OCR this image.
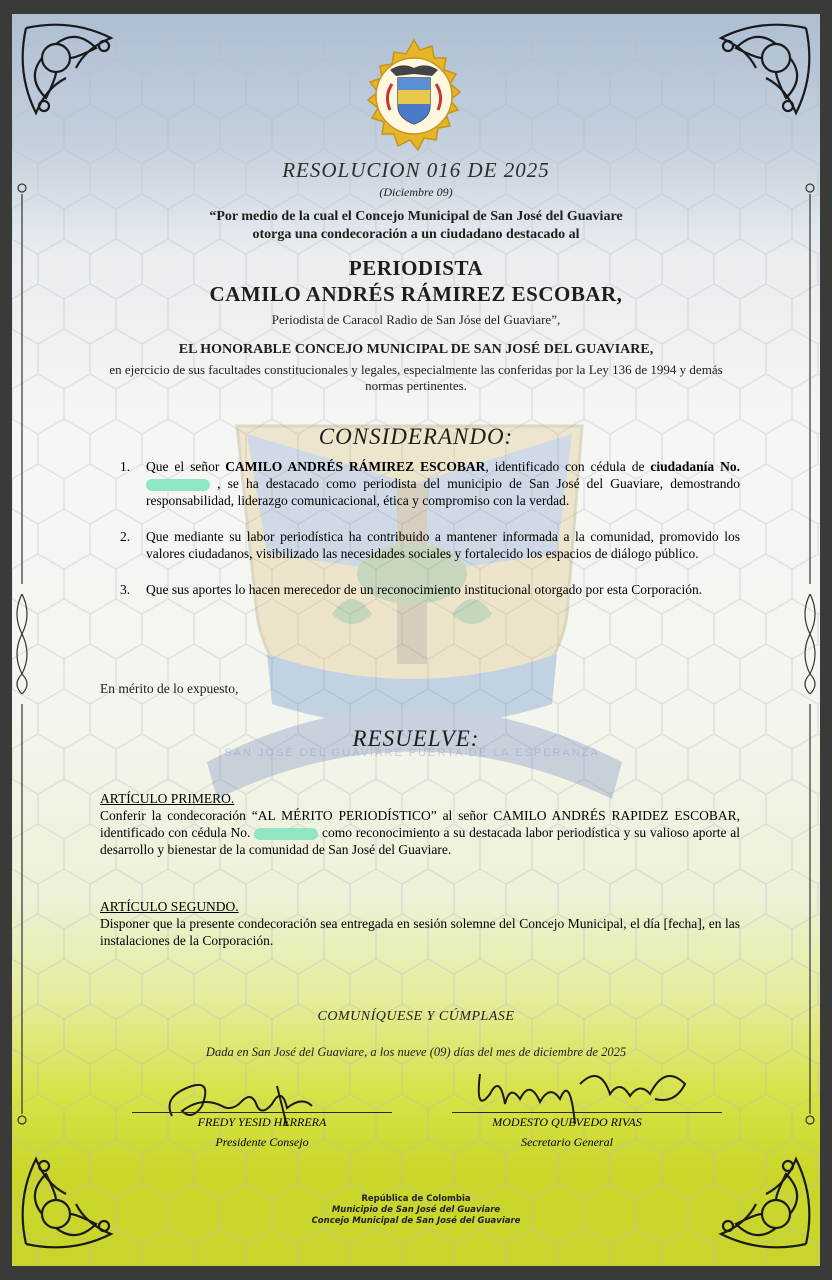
SAN JOSÉ DEL GUAVIARE PUERTA DE LA ESPERANZA
RESOLUCION 016 DE 2025
(Diciembre 09)
“Por medio de la cual el Concejo Municipal de San José del Guaviare
otorga una condecoración a un ciudadano destacado al
PERIODISTA
CAMILO ANDRÉS RÁMIREZ ESCOBAR,
Periodista de Caracol Radio de San Jóse del Guaviare”,
EL HONORABLE CONCEJO MUNICIPAL DE SAN JOSÉ DEL GUAVIARE,
en ejercicio de sus facultades constitucionales y legales, especialmente las conferidas por la Ley 136 de 1994 y demás normas pertinentes.
CONSIDERANDO:
1. Que el señor CAMILO ANDRÉS RÁMIREZ ESCOBAR, identificado con cédula de ciudadanía No.  , se ha destacado como periodista del municipio de San José del Guaviare, demostrando responsabilidad, liderazgo comunicacional, ética y compromiso con la verdad.
2. Que mediante su labor periodística ha contribuido a mantener informada a la comunidad, promovido los valores ciudadanos, visibilizado las necesidades sociales y fortalecido los espacios de diálogo público.
3. Que sus aportes lo hacen merecedor de un reconocimiento institucional otorgado por esta Corporación.
En mérito de lo expuesto,
RESUELVE:
ARTÍCULO PRIMERO.
Conferir la condecoración “AL MÉRITO PERIODÍSTICO” al señor CAMILO ANDRÉS RAPIDEZ ESCOBAR, identificado con cédula No.	como reconocimiento a su destacada labor periodística y su valioso aporte al desarrollo y bienestar de la comunidad de San José del Guaviare.
ARTÍCULO SEGUNDO.
Disponer que la presente condecoración sea entregada en sesión solemne del Concejo Municipal, el día [fecha], en las instalaciones de la Corporación.
COMUNÍQUESE Y CÚMPLASE
Dada en San José del Guaviare, a los nueve (09) días del mes de diciembre de 2025
FREDY YESID HERRERA
Presidente Consejo
MODESTO QUEVEDO RIVAS
Secretario General
República de Colombia
Municipio de San José del Guaviare
Concejo Municipal de San José del Guaviare
